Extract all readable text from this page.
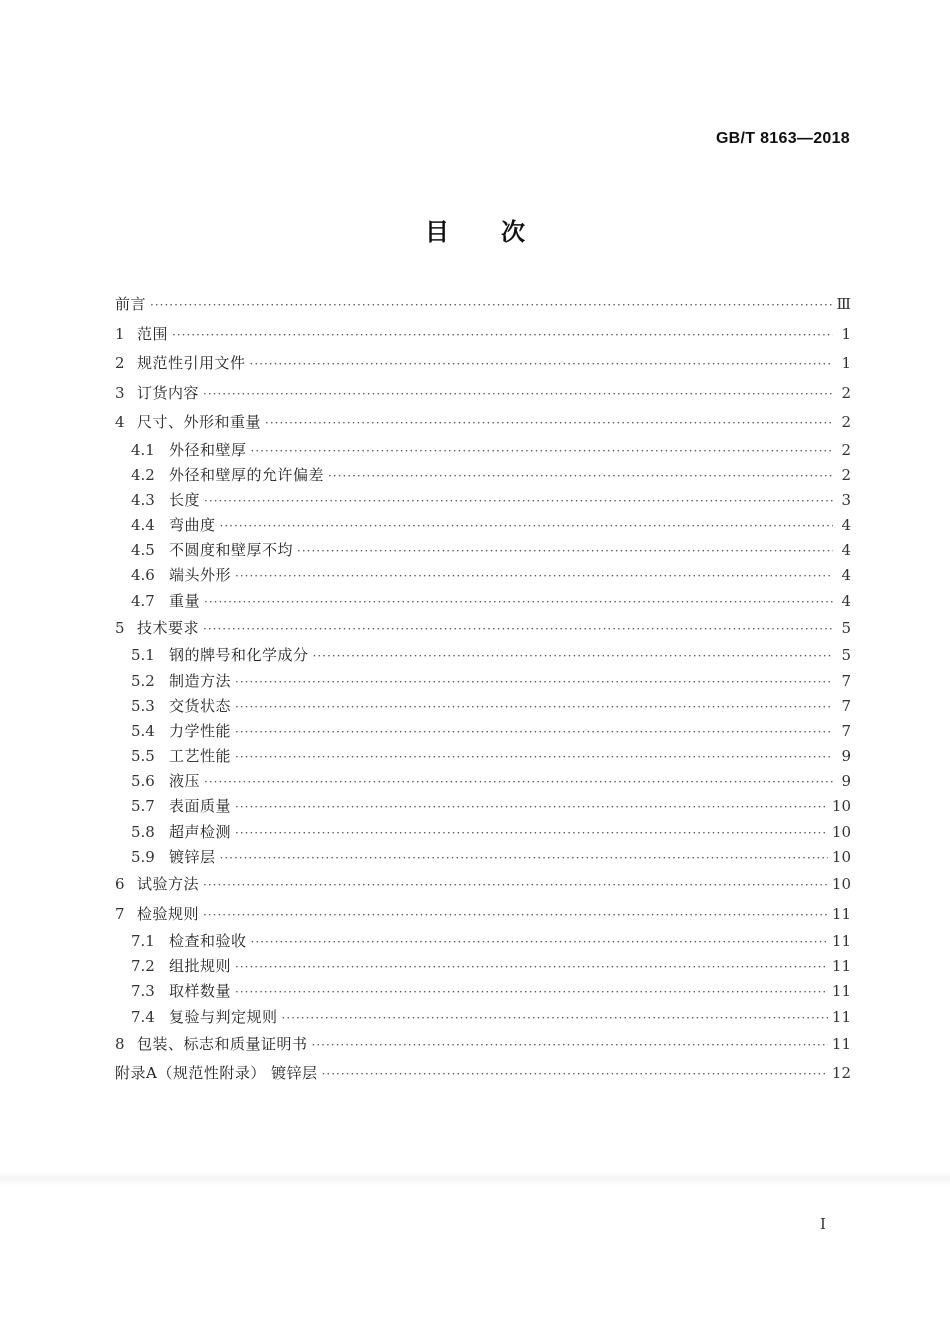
GB/T 8163—2018
目次
前言 ·····	Ⅲ
1 范围 ·····	1
2 规范性引用文件 ·····	1
3 订货内容 ·····	2
4 尺寸、外形和重量 ·····	2
4.1 外径和壁厚 ·····	2
4.2 外径和壁厚的允许偏差 ·····	2
4.3 长度 ·····	3
4.4 弯曲度 ·····	4
4.5 不圆度和壁厚不均 ·····	4
4.6 端头外形 ·····	4
4.7 重量 ·····	4
5 技术要求 ·····	5
5.1 钢的牌号和化学成分 ·····	5
5.2 制造方法 ·····	7
5.3 交货状态 ·····	7
5.4 力学性能 ·····	7
5.5 工艺性能 ·····	9
5.6 液压 ·····	9
5.7 表面质量 ·····	10
5.8 超声检测 ·····	10
5.9 镀锌层 ·····	10
6 试验方法 ·····	10
7 检验规则 ·····	11
7.1 检查和验收 ·····	11
7.2 组批规则 ·····	11
7.3 取样数量 ·····	11
7.4 复验与判定规则 ·····	11
8 包装、标志和质量证明书 ·····	11
附录A（规范性附录） 镀锌层 ·····	12
I
